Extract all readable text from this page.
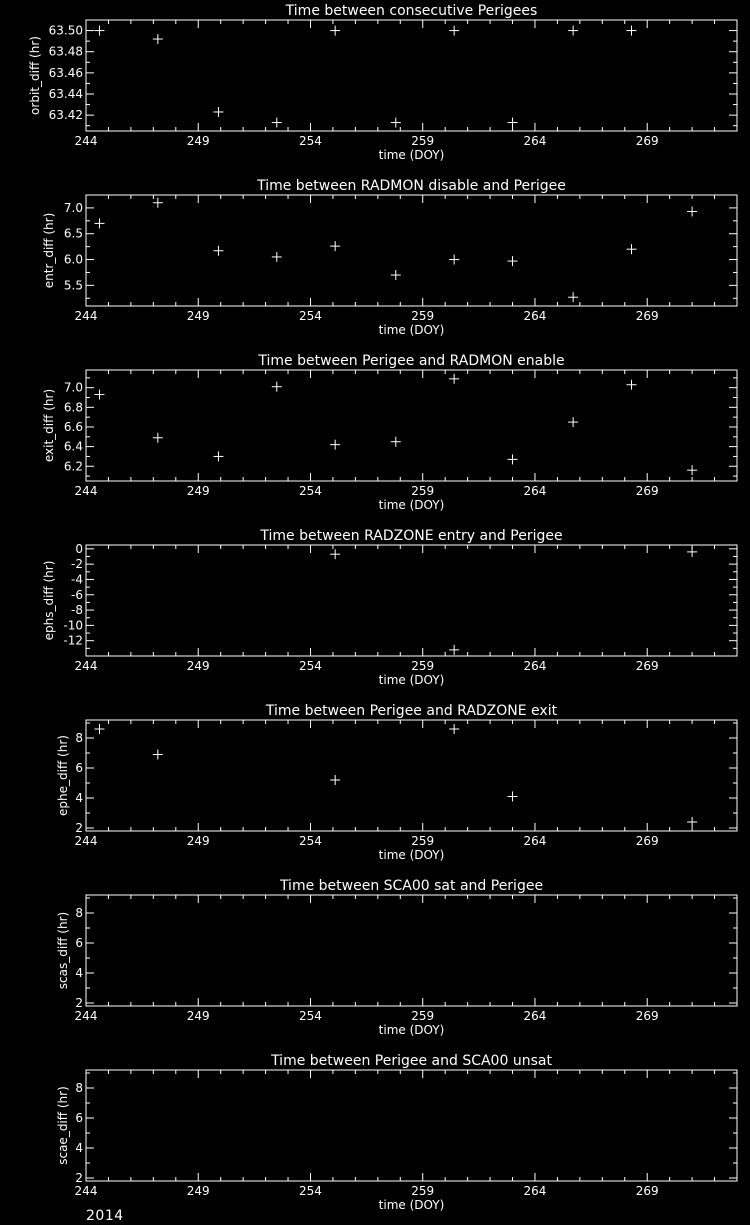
Time between consecutive Perigees
244	249	254	259	264	269
time (DOY)
63.42
63.44
63.46
63.48
63.50
orbit_diff (hr)
Time between RADMON disable and Perigee
244	249	254	259	264	269
time (DOY)
5.5
6.0
6.5
7.0
entr_diff (hr)
Time between Perigee and RADMON enable
244	249	254	259	264	269
time (DOY)
6.2
6.4
6.6
6.8
7.0
exit_diff (hr)
Time between RADZONE entry and Perigee
244	249	254	259	264	269
time (DOY)
-12
-10
-8
-6
-4
-2
0
ephs_diff (hr)
Time between Perigee and RADZONE exit
244	249	254	259	264	269
time (DOY)
2
4
6
8
ephe_diff (hr)
Time between SCA00 sat and Perigee
244	249	254	259	264	269
time (DOY)
2
4
6
8
scas_diff (hr)
Time between Perigee and SCA00 unsat
244	249	254	259	264	269
time (DOY)
2
4
6
8
scae_diff (hr)
2014
